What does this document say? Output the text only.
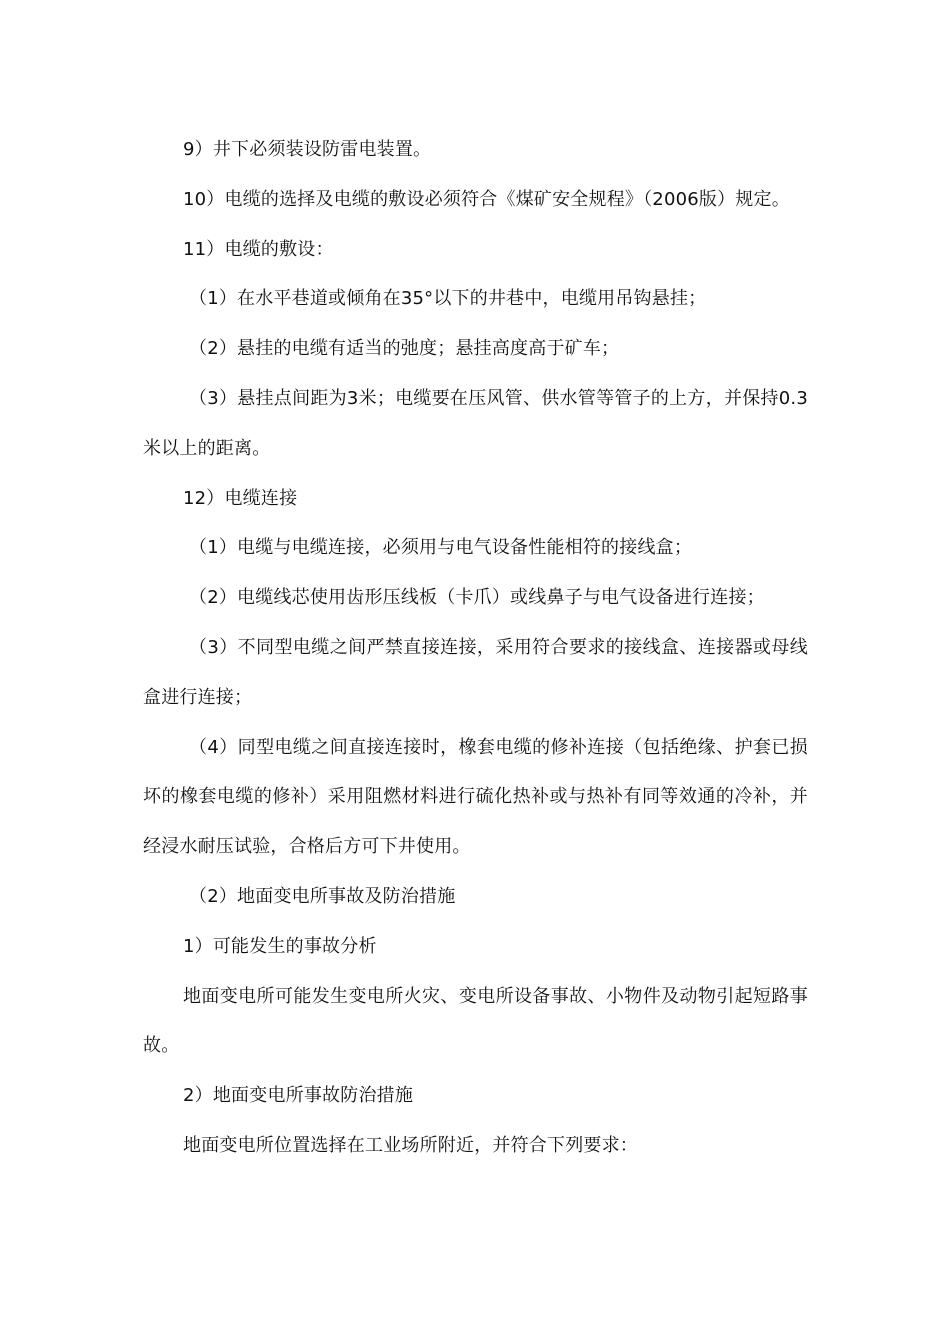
9）井下必须装设防雷电装置。

10）电缆的选择及电缆的敷设必须符合《煤矿安全规程》（2006版）规定。

11）电缆的敷设：

（1）在水平巷道或倾角在35°以下的井巷中，电缆用吊钩悬挂；

（2）悬挂的电缆有适当的弛度；悬挂高度高于矿车；

（3）悬挂点间距为3米；电缆要在压风管、供水管等管子的上方，并保持0.3米以上的距离。

12）电缆连接

（1）电缆与电缆连接，必须用与电气设备性能相符的接线盒；

（2）电缆线芯使用齿形压线板（卡爪）或线鼻子与电气设备进行连接；

（3）不同型电缆之间严禁直接连接，采用符合要求的接线盒、连接器或母线盒进行连接；

（4）同型电缆之间直接连接时，橡套电缆的修补连接（包括绝缘、护套已损坏的橡套电缆的修补）采用阻燃材料进行硫化热补或与热补有同等效通的冷补，并经浸水耐压试验，合格后方可下井使用。

（2）地面变电所事故及防治措施

1）可能发生的事故分析

地面变电所可能发生变电所火灾、变电所设备事故、小物件及动物引起短路事故。

2）地面变电所事故防治措施

地面变电所位置选择在工业场所附近，并符合下列要求：
